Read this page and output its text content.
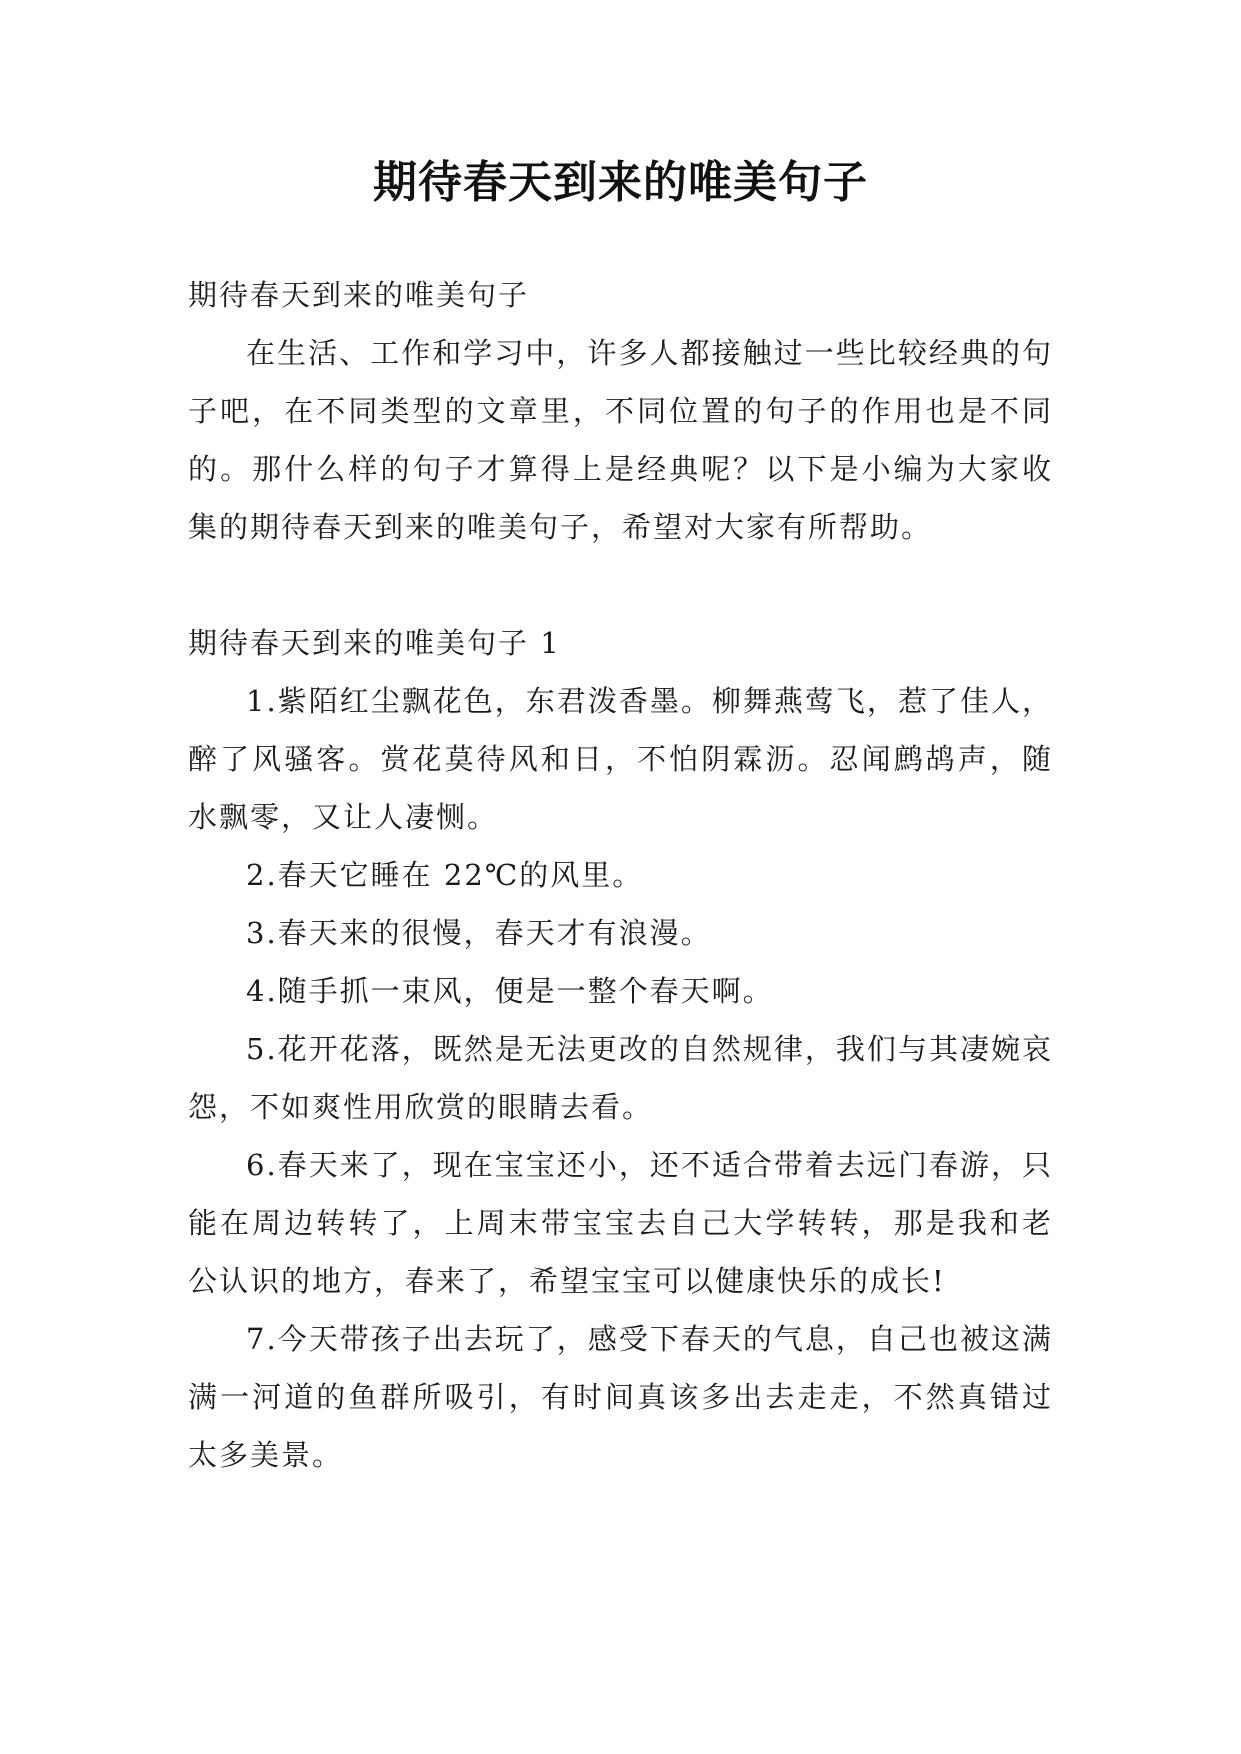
期待春天到来的唯美句子

期待春天到来的唯美句子

在生活、工作和学习中，许多人都接触过一些比较经典的句子吧，在不同类型的文章里，不同位置的句子的作用也是不同的。那什么样的句子才算得上是经典呢？以下是小编为大家收集的期待春天到来的唯美句子，希望对大家有所帮助。

期待春天到来的唯美句子 1

1.紫陌红尘飘花色，东君泼香墨。柳舞燕莺飞，惹了佳人，醉了风骚客。赏花莫待风和日，不怕阴霖沥。忍闻鹧鸪声，随水飘零，又让人凄恻。

2.春天它睡在 22℃的风里。

3.春天来的很慢，春天才有浪漫。

4.随手抓一束风，便是一整个春天啊。

5.花开花落，既然是无法更改的自然规律，我们与其凄婉哀怨，不如爽性用欣赏的眼睛去看。

6.春天来了，现在宝宝还小，还不适合带着去远门春游，只能在周边转转了，上周末带宝宝去自己大学转转，那是我和老公认识的地方，春来了，希望宝宝可以健康快乐的成长!

7.今天带孩子出去玩了，感受下春天的气息，自己也被这满满一河道的鱼群所吸引，有时间真该多出去走走，不然真错过太多美景。
